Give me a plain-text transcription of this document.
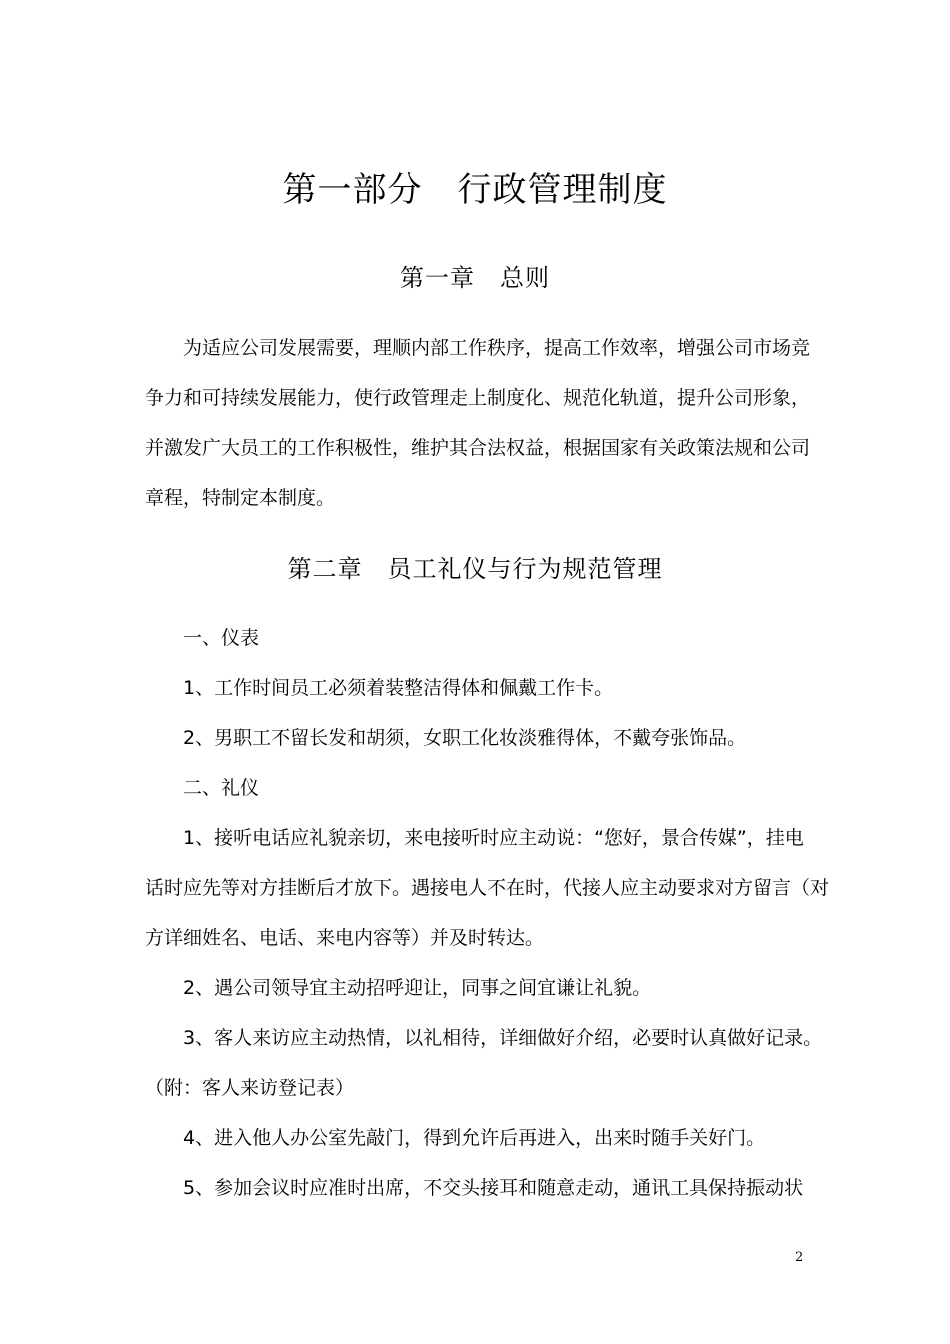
第一部分　行政管理制度
第一章　总则
为适应公司发展需要，理顺内部工作秩序，提高工作效率，增强公司市场竞
争力和可持续发展能力，使行政管理走上制度化、规范化轨道，提升公司形象，
并激发广大员工的工作积极性，维护其合法权益，根据国家有关政策法规和公司
章程，特制定本制度。
第二章　员工礼仪与行为规范管理
一、仪表
1、工作时间员工必须着装整洁得体和佩戴工作卡。
2、男职工不留长发和胡须，女职工化妆淡雅得体，不戴夸张饰品。
二、礼仪
1、接听电话应礼貌亲切，来电接听时应主动说：“您好，景合传媒”，挂电
话时应先等对方挂断后才放下。遇接电人不在时，代接人应主动要求对方留言（对
方详细姓名、电话、来电内容等）并及时转达。
2、遇公司领导宜主动招呼迎让，同事之间宜谦让礼貌。
3、客人来访应主动热情，以礼相待，详细做好介绍，必要时认真做好记录。
（附：客人来访登记表）
4、进入他人办公室先敲门，得到允许后再进入，出来时随手关好门。
5、参加会议时应准时出席，不交头接耳和随意走动，通讯工具保持振动状
2
